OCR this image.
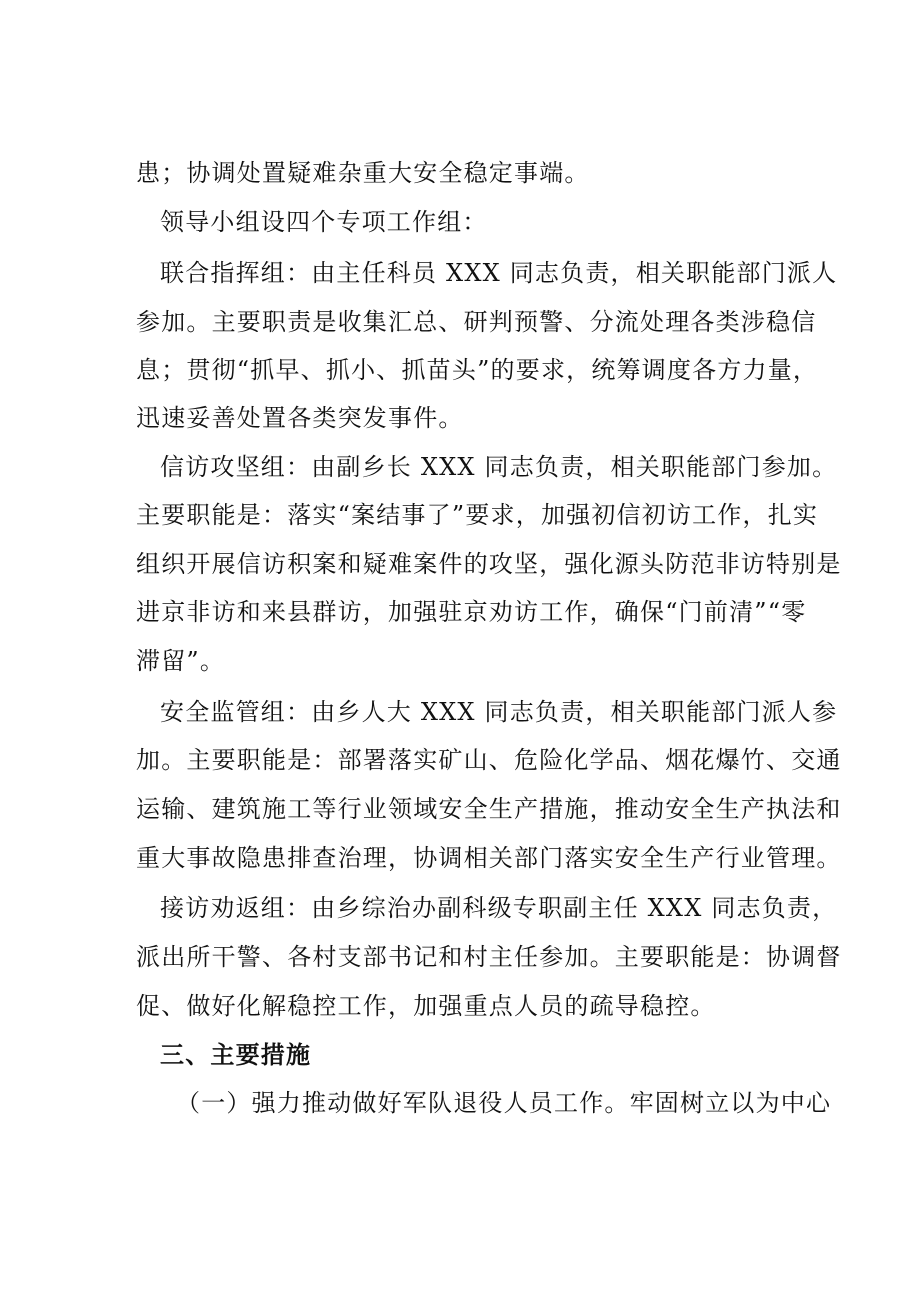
患；协调处置疑难杂重大安全稳定事端。
领导小组设四个专项工作组：
联合指挥组：由主任科员 XXX 同志负责，相关职能部门派人
参加。主要职责是收集汇总、研判预警、分流处理各类涉稳信
息；贯彻“抓早、抓小、抓苗头”的要求，统筹调度各方力量，
迅速妥善处置各类突发事件。
信访攻坚组：由副乡长 XXX 同志负责，相关职能部门参加。
主要职能是：落实“案结事了”要求，加强初信初访工作，扎实
组织开展信访积案和疑难案件的攻坚，强化源头防范非访特别是
进京非访和来县群访，加强驻京劝访工作，确保“门前清”“零
滞留”。
安全监管组：由乡人大 XXX 同志负责，相关职能部门派人参
加。主要职能是：部署落实矿山、危险化学品、烟花爆竹、交通
运输、建筑施工等行业领域安全生产措施，推动安全生产执法和
重大事故隐患排查治理，协调相关部门落实安全生产行业管理。
接访劝返组：由乡综治办副科级专职副主任 XXX 同志负责，
派出所干警、各村支部书记和村主任参加。主要职能是：协调督
促、做好化解稳控工作，加强重点人员的疏导稳控。
三、主要措施
（一）强力推动做好军队退役人员工作。牢固树立以为中心
